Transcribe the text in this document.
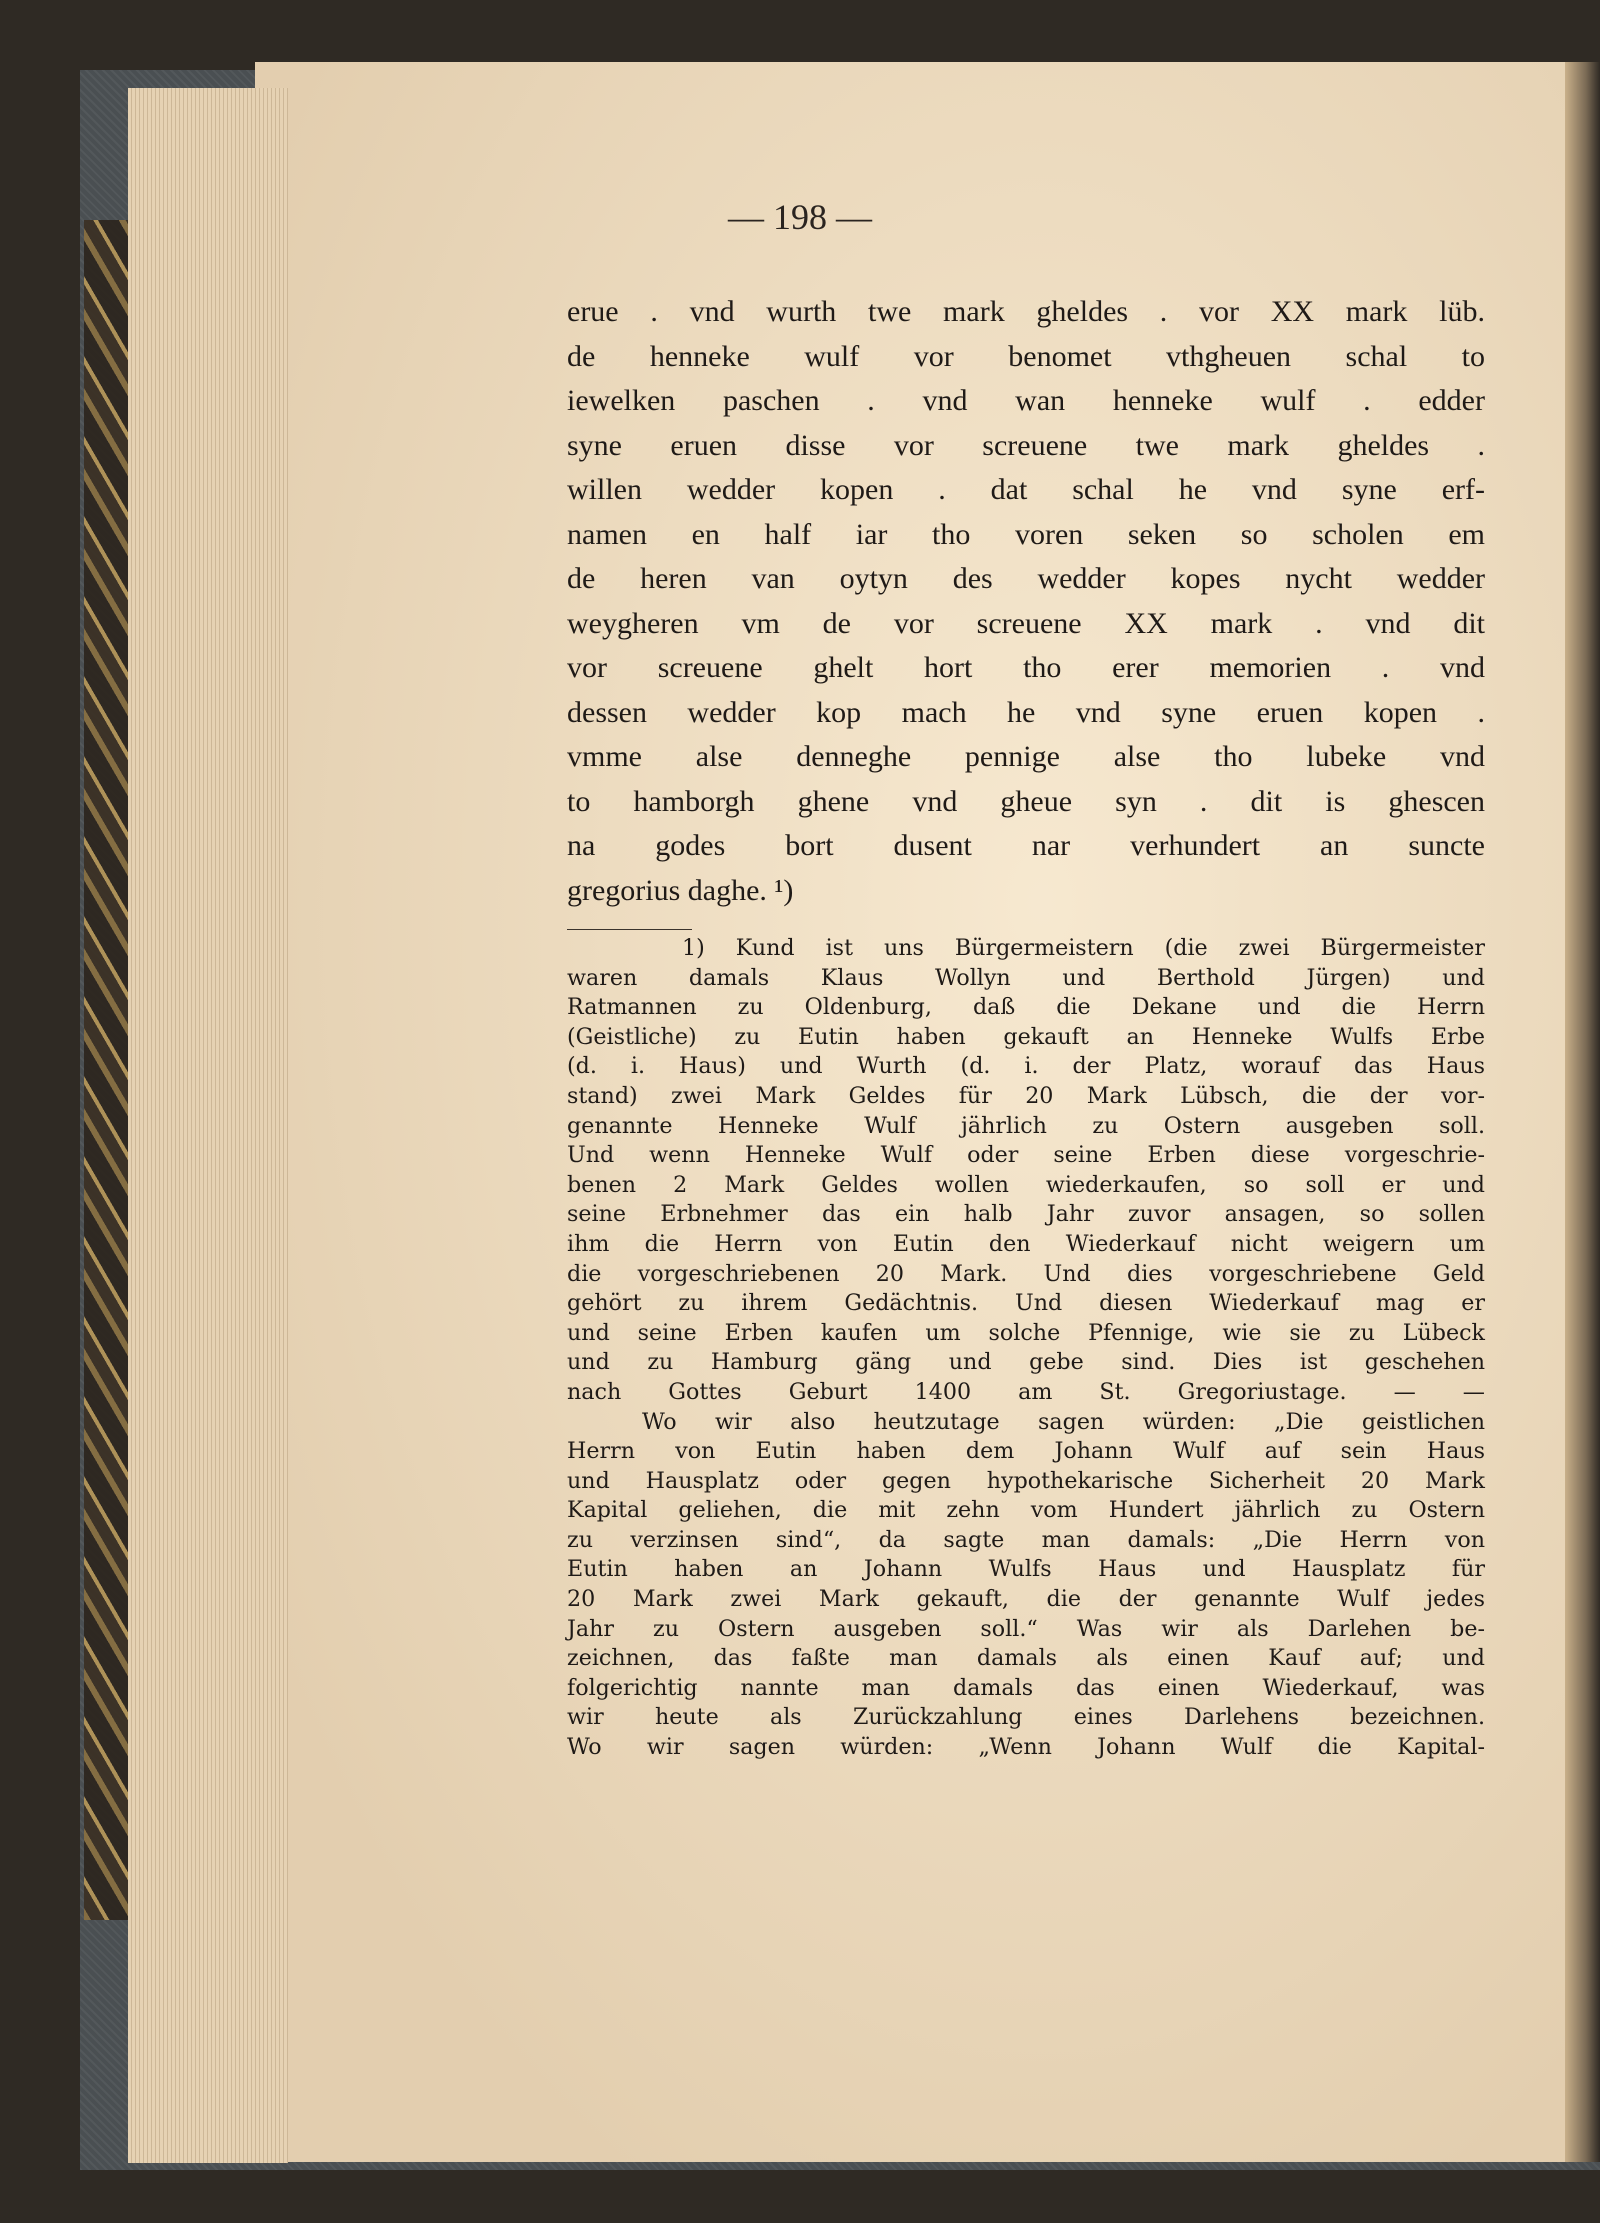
— 198 —
erue . vnd wurth twe mark gheldes . vor XX mark lüb.
de henneke wulf vor benomet vthgheuen schal to
iewelken paschen . vnd wan henneke wulf . edder
syne eruen disse vor screuene twe mark gheldes .
willen wedder kopen . dat schal he vnd syne erf-
namen en half iar tho voren seken so scholen em
de heren van oytyn des wedder kopes nycht wedder
weygheren vm de vor screuene XX mark . vnd dit
vor screuene ghelt hort tho erer memorien . vnd
dessen wedder kop mach he vnd syne eruen kopen .
vmme alse denneghe pennige alse tho lubeke vnd
to hamborgh ghene vnd gheue syn . dit is ghescen
na godes bort dusent nar verhundert an suncte
gregorius daghe. ¹)
1) Kund ist uns Bürgermeistern (die zwei Bürgermeister
waren damals Klaus Wollyn und Berthold Jürgen) und
Ratmannen zu Oldenburg, daß die Dekane und die Herrn
(Geistliche) zu Eutin haben gekauft an Henneke Wulfs Erbe
(d. i. Haus) und Wurth (d. i. der Platz, worauf das Haus
stand) zwei Mark Geldes für 20 Mark Lübsch, die der vor-
genannte Henneke Wulf jährlich zu Ostern ausgeben soll.
Und wenn Henneke Wulf oder seine Erben diese vorgeschrie-
benen 2 Mark Geldes wollen wiederkaufen, so soll er und
seine Erbnehmer das ein halb Jahr zuvor ansagen, so sollen
ihm die Herrn von Eutin den Wiederkauf nicht weigern um
die vorgeschriebenen 20 Mark. Und dies vorgeschriebene Geld
gehört zu ihrem Gedächtnis. Und diesen Wiederkauf mag er
und seine Erben kaufen um solche Pfennige, wie sie zu Lübeck
und zu Hamburg gäng und gebe sind. Dies ist geschehen
nach Gottes Geburt 1400 am St. Gregoriustage. — —
Wo wir also heutzutage sagen würden: „Die geistlichen
Herrn von Eutin haben dem Johann Wulf auf sein Haus
und Hausplatz oder gegen hypothekarische Sicherheit 20 Mark
Kapital geliehen, die mit zehn vom Hundert jährlich zu Ostern
zu verzinsen sind“, da sagte man damals: „Die Herrn von
Eutin haben an Johann Wulfs Haus und Hausplatz für
20 Mark zwei Mark gekauft, die der genannte Wulf jedes
Jahr zu Ostern ausgeben soll.“ Was wir als Darlehen be-
zeichnen, das faßte man damals als einen Kauf auf; und
folgerichtig nannte man damals das einen Wiederkauf, was
wir heute als Zurückzahlung eines Darlehens bezeichnen.
Wo wir sagen würden: „Wenn Johann Wulf die Kapital-
